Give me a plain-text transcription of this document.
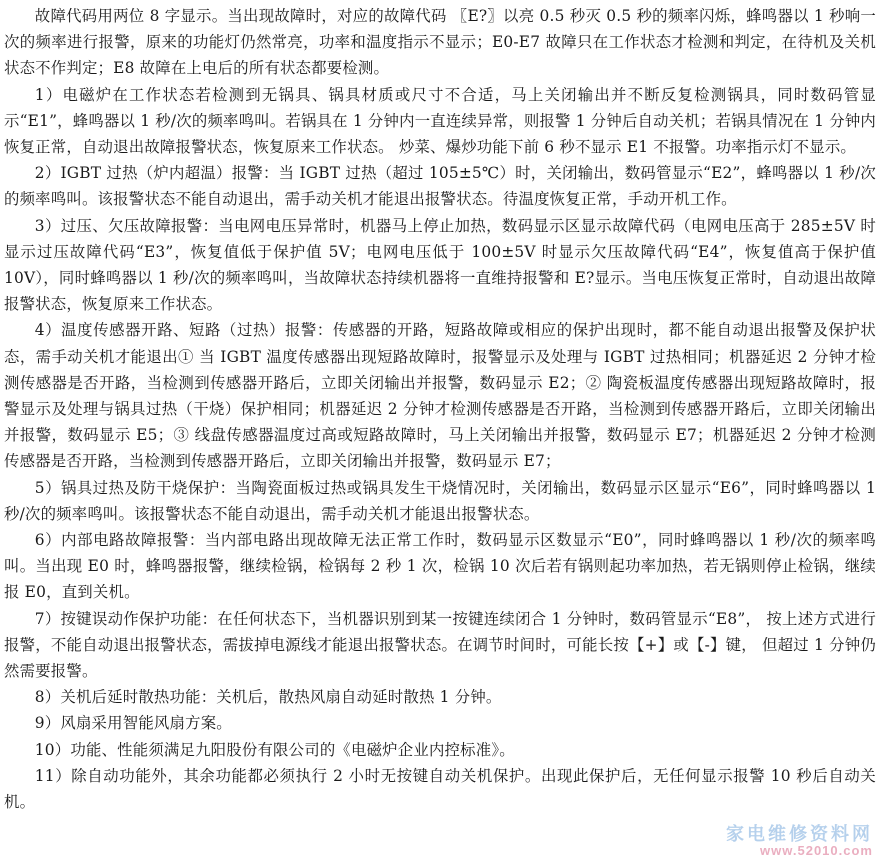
故障代码用两位 8 字显示。当出现故障时，对应的故障代码 〖E?〗以亮 0.5 秒灭 0.5 秒的频率闪烁，蜂鸣器以 1 秒响一次的频率进行报警，原来的功能灯仍然常亮，功率和温度指示不显示；E0-E7 故障只在工作状态才检测和判定，在待机及关机状态不作判定；E8 故障在上电后的所有状态都要检测。

1）电磁炉在工作状态若检测到无锅具、锅具材质或尺寸不合适，马上关闭输出并不断反复检测锅具，同时数码管显示“E1”，蜂鸣器以 1 秒/次的频率鸣叫。若锅具在 1 分钟内一直连续异常，则报警 1 分钟后自动关机；若锅具情况在 1 分钟内恢复正常，自动退出故障报警状态，恢复原来工作状态。 炒菜、爆炒功能下前 6 秒不显示 E1 不报警。功率指示灯不显示。

2）IGBT 过热（炉内超温）报警：当 IGBT 过热（超过 105±5℃）时，关闭输出，数码管显示“E2”，蜂鸣器以 1 秒/次的频率鸣叫。该报警状态不能自动退出，需手动关机才能退出报警状态。待温度恢复正常，手动开机工作。

3）过压、欠压故障报警：当电网电压异常时，机器马上停止加热，数码显示区显示故障代码（电网电压高于 285±5V 时显示过压故障代码“E3”，恢复值低于保护值 5V；电网电压低于 100±5V 时显示欠压故障代码“E4”，恢复值高于保护值 10V），同时蜂鸣器以 1 秒/次的频率鸣叫，当故障状态持续机器将一直维持报警和 E?显示。当电压恢复正常时，自动退出故障报警状态，恢复原来工作状态。

4）温度传感器开路、短路（过热）报警：传感器的开路，短路故障或相应的保护出现时，都不能自动退出报警及保护状态，需手动关机才能退出① 当 IGBT 温度传感器出现短路故障时，报警显示及处理与 IGBT 过热相同；机器延迟 2 分钟才检测传感器是否开路，当检测到传感器开路后，立即关闭输出并报警，数码显示 E2；② 陶瓷板温度传感器出现短路故障时，报警显示及处理与锅具过热（干烧）保护相同；机器延迟 2 分钟才检测传感器是否开路，当检测到传感器开路后，立即关闭输出并报警，数码显示 E5；③ 线盘传感器温度过高或短路故障时，马上关闭输出并报警，数码显示 E7；机器延迟 2 分钟才检测传感器是否开路，当检测到传感器开路后，立即关闭输出并报警，数码显示 E7；

5）锅具过热及防干烧保护：当陶瓷面板过热或锅具发生干烧情况时，关闭输出，数码显示区显示“E6”，同时蜂鸣器以 1 秒/次的频率鸣叫。该报警状态不能自动退出，需手动关机才能退出报警状态。

6）内部电路故障报警：当内部电路出现故障无法正常工作时，数码显示区数显示“E0”，同时蜂鸣器以 1 秒/次的频率鸣叫。当出现 E0 时，蜂鸣器报警，继续检锅，检锅每 2 秒 1 次，检锅 10 次后若有锅则起功率加热，若无锅则停止检锅，继续报 E0，直到关机。

7）按键误动作保护功能：在任何状态下，当机器识别到某一按键连续闭合 1 分钟时，数码管显示“E8”， 按上述方式进行报警，不能自动退出报警状态，需拔掉电源线才能退出报警状态。在调节时间时，可能长按【+】或【-】键， 但超过 1 分钟仍然需要报警。

8）关机后延时散热功能：关机后，散热风扇自动延时散热 1 分钟。

9）风扇采用智能风扇方案。

10）功能、性能须满足九阳股份有限公司的《电磁炉企业内控标准》。

11）除自动功能外，其余功能都必须执行 2 小时无按键自动关机保护。出现此保护后，无任何显示报警 10 秒后自动关机。

家电维修资料网
www.52010.com
